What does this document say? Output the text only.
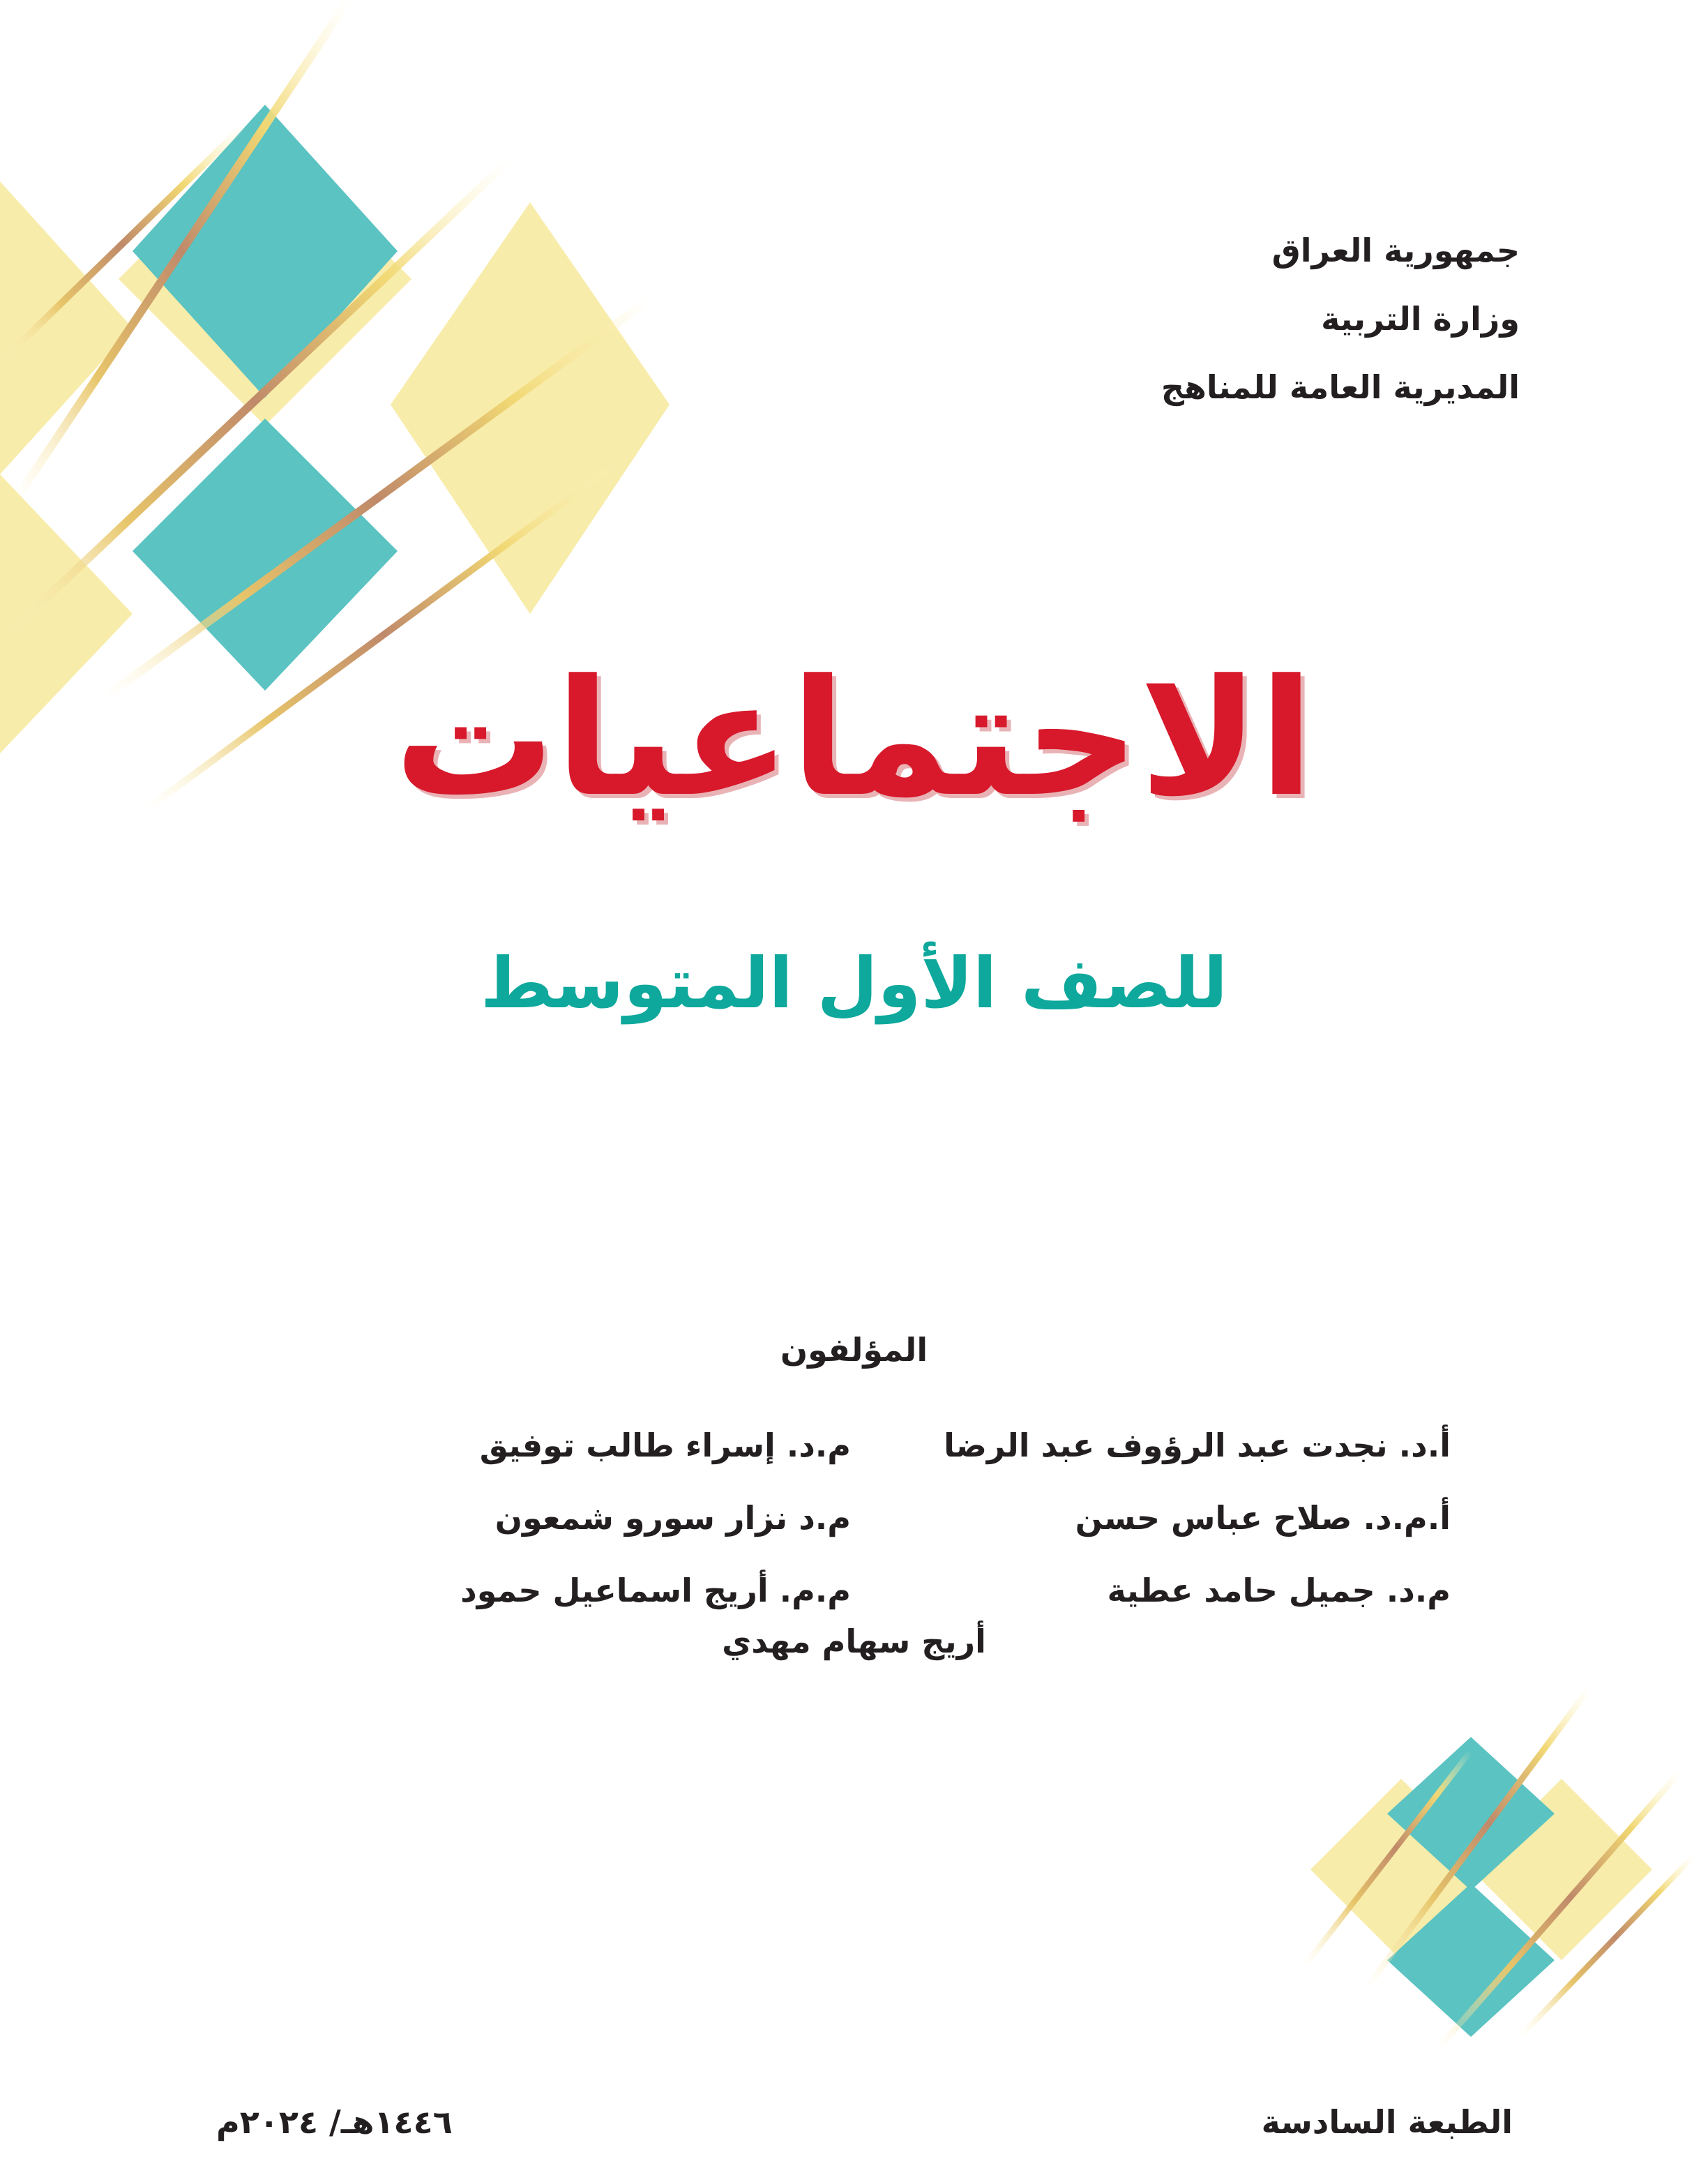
جمهورية العراق
وزارة التربية
المديرية العامة للمناهج
الاجتماعيات
للصف الأول المتوسط
المؤلفون
أ.د. نجدت عبد الرؤوف عبد الرضا
م.د. إسراء طالب توفيق
أ.م.د. صلاح عباس حسن
م.د نزار سورو شمعون
م.د. جميل حامد عطية
م.م. أريج اسماعيل حمود
أريج سهام مهدي
الطبعة السادسة
١٤٤٦هـ/ ٢٠٢٤م
